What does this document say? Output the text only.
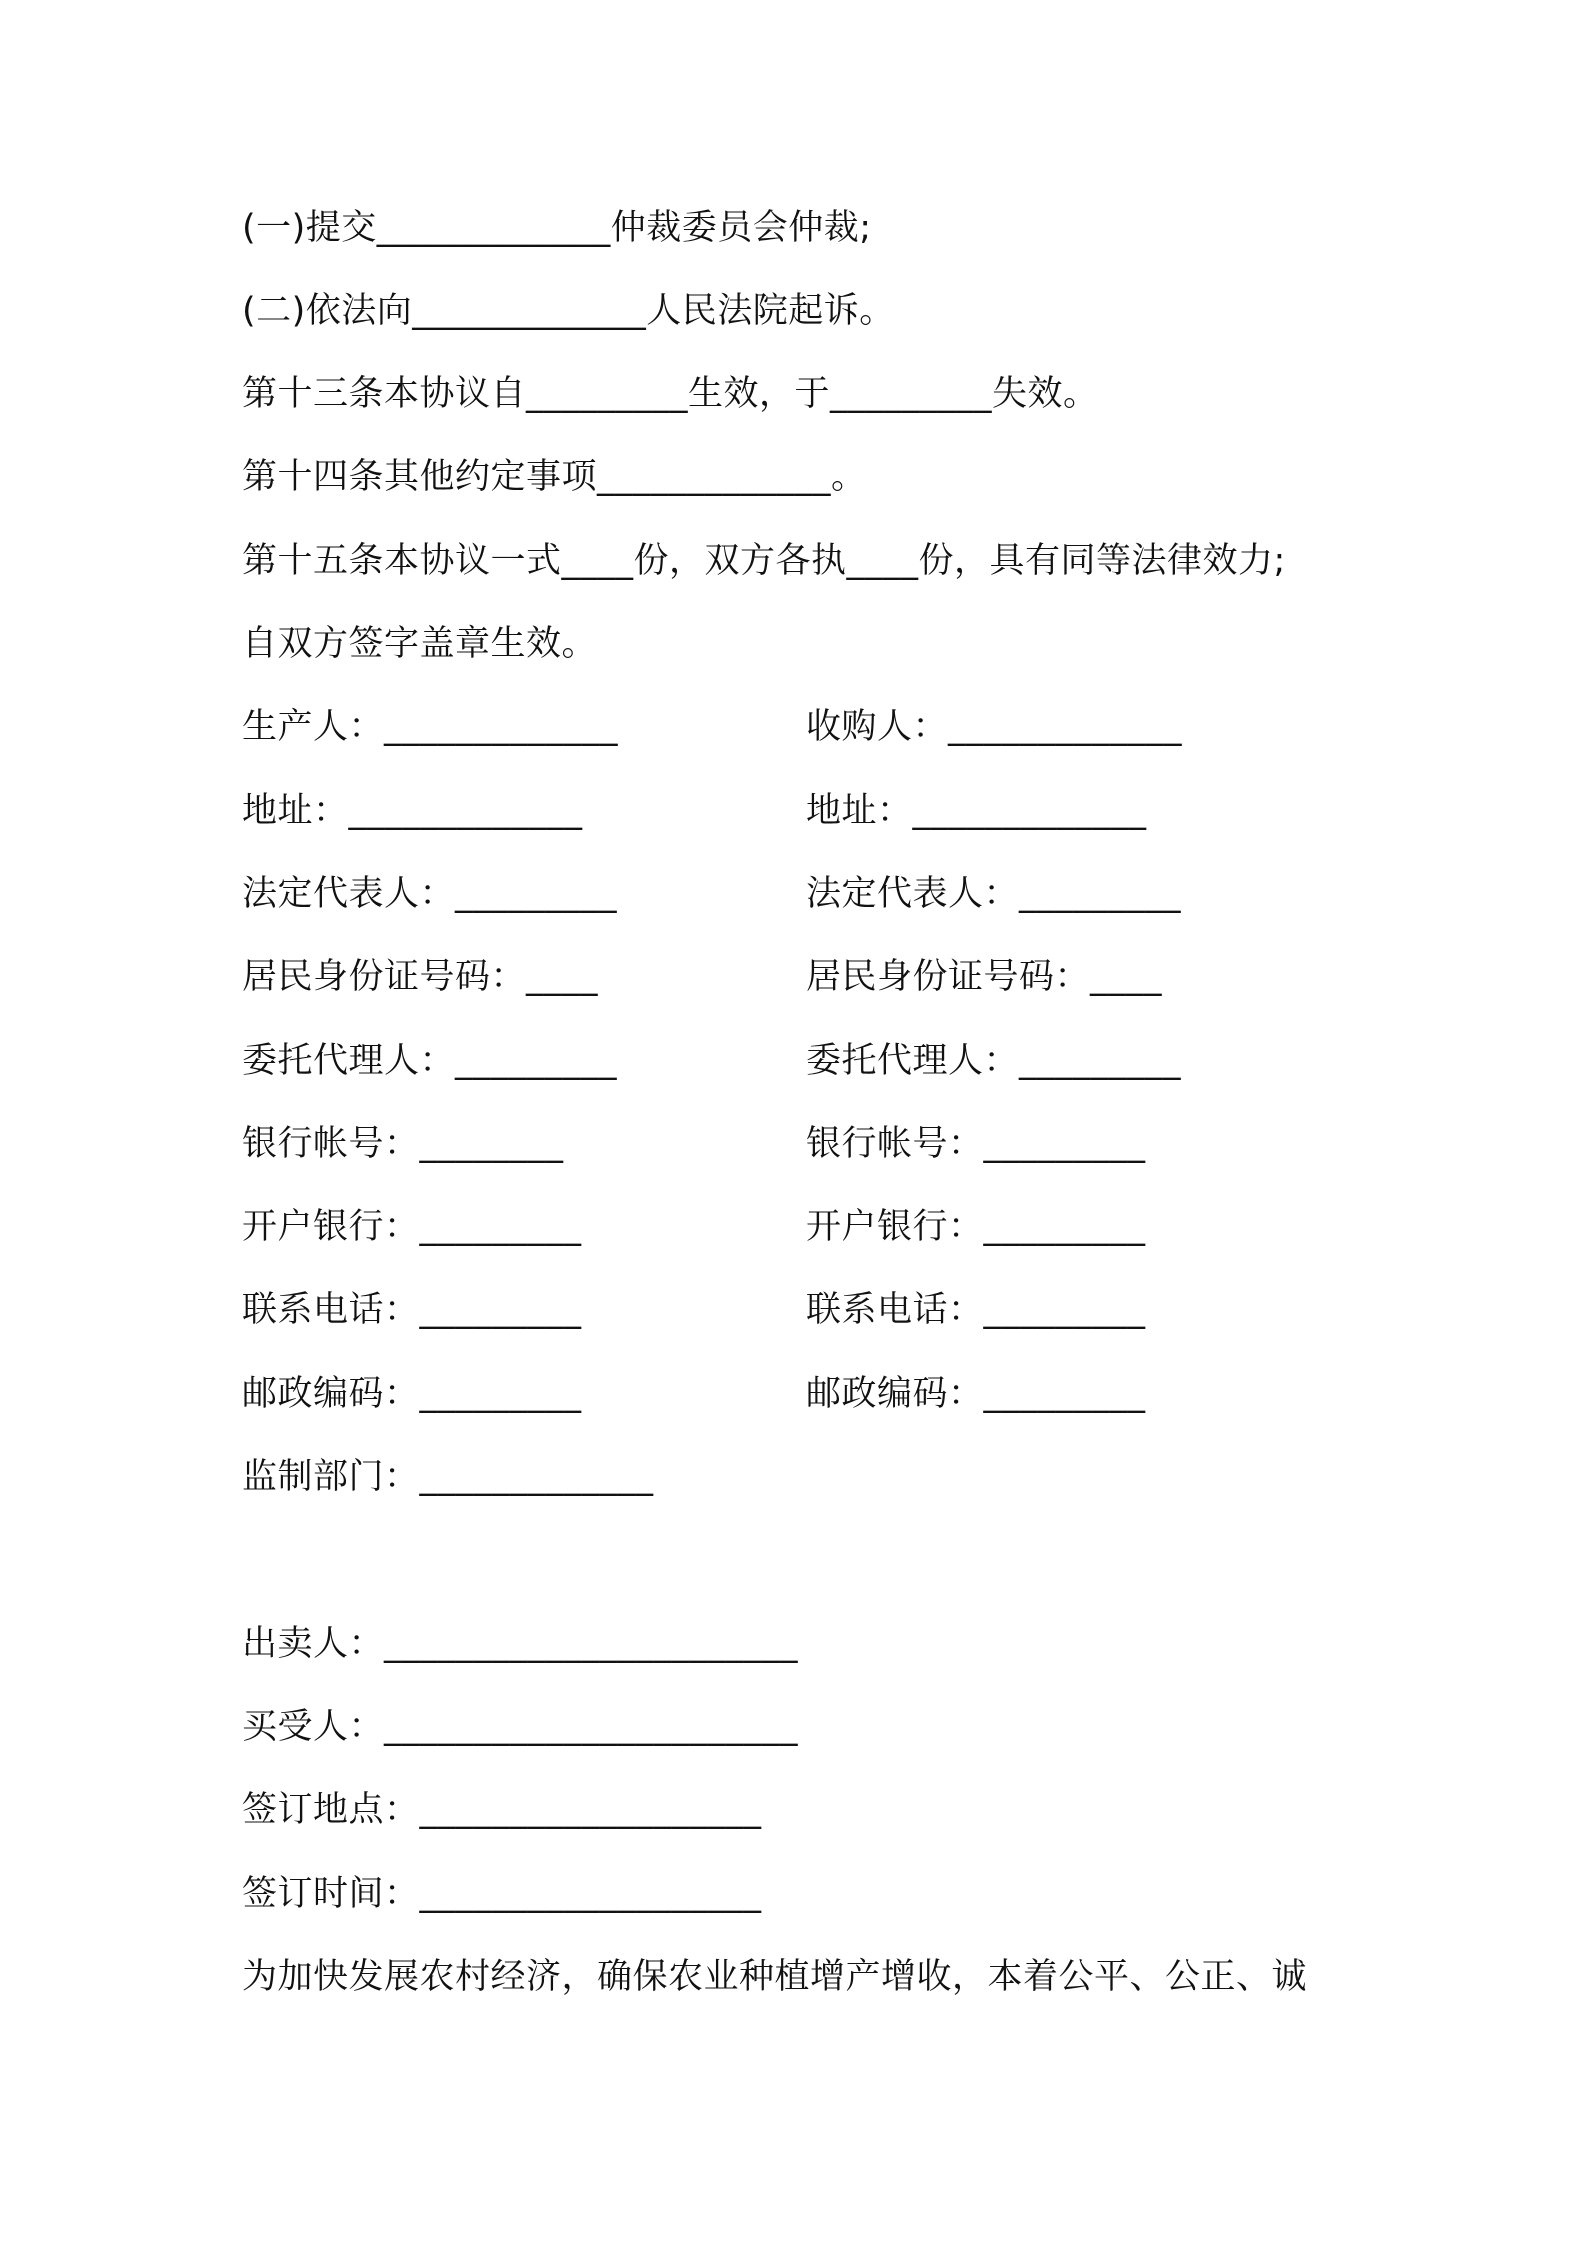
(一)提交_____________仲裁委员会仲裁;
(二)依法向_____________人民法院起诉。
第十三条本协议自_________生效，于_________失效。
第十四条其他约定事项_____________。
第十五条本协议一式____份，双方各执____份，具有同等法律效力;
自双方签字盖章生效。
生产人：_____________
地址：_____________
法定代表人：_________
居民身份证号码：____
委托代理人：_________
银行帐号：________
开户银行：_________
联系电话：_________
邮政编码：_________
监制部门：_____________
收购人：_____________
地址：_____________
法定代表人：_________
居民身份证号码：____
委托代理人：_________
银行帐号：_________
开户银行：_________
联系电话：_________
邮政编码：_________
出卖人：_______________________
买受人：_______________________
签订地点：___________________
签订时间：___________________
为加快发展农村经济，确保农业种植增产增收，本着公平、公正、诚
